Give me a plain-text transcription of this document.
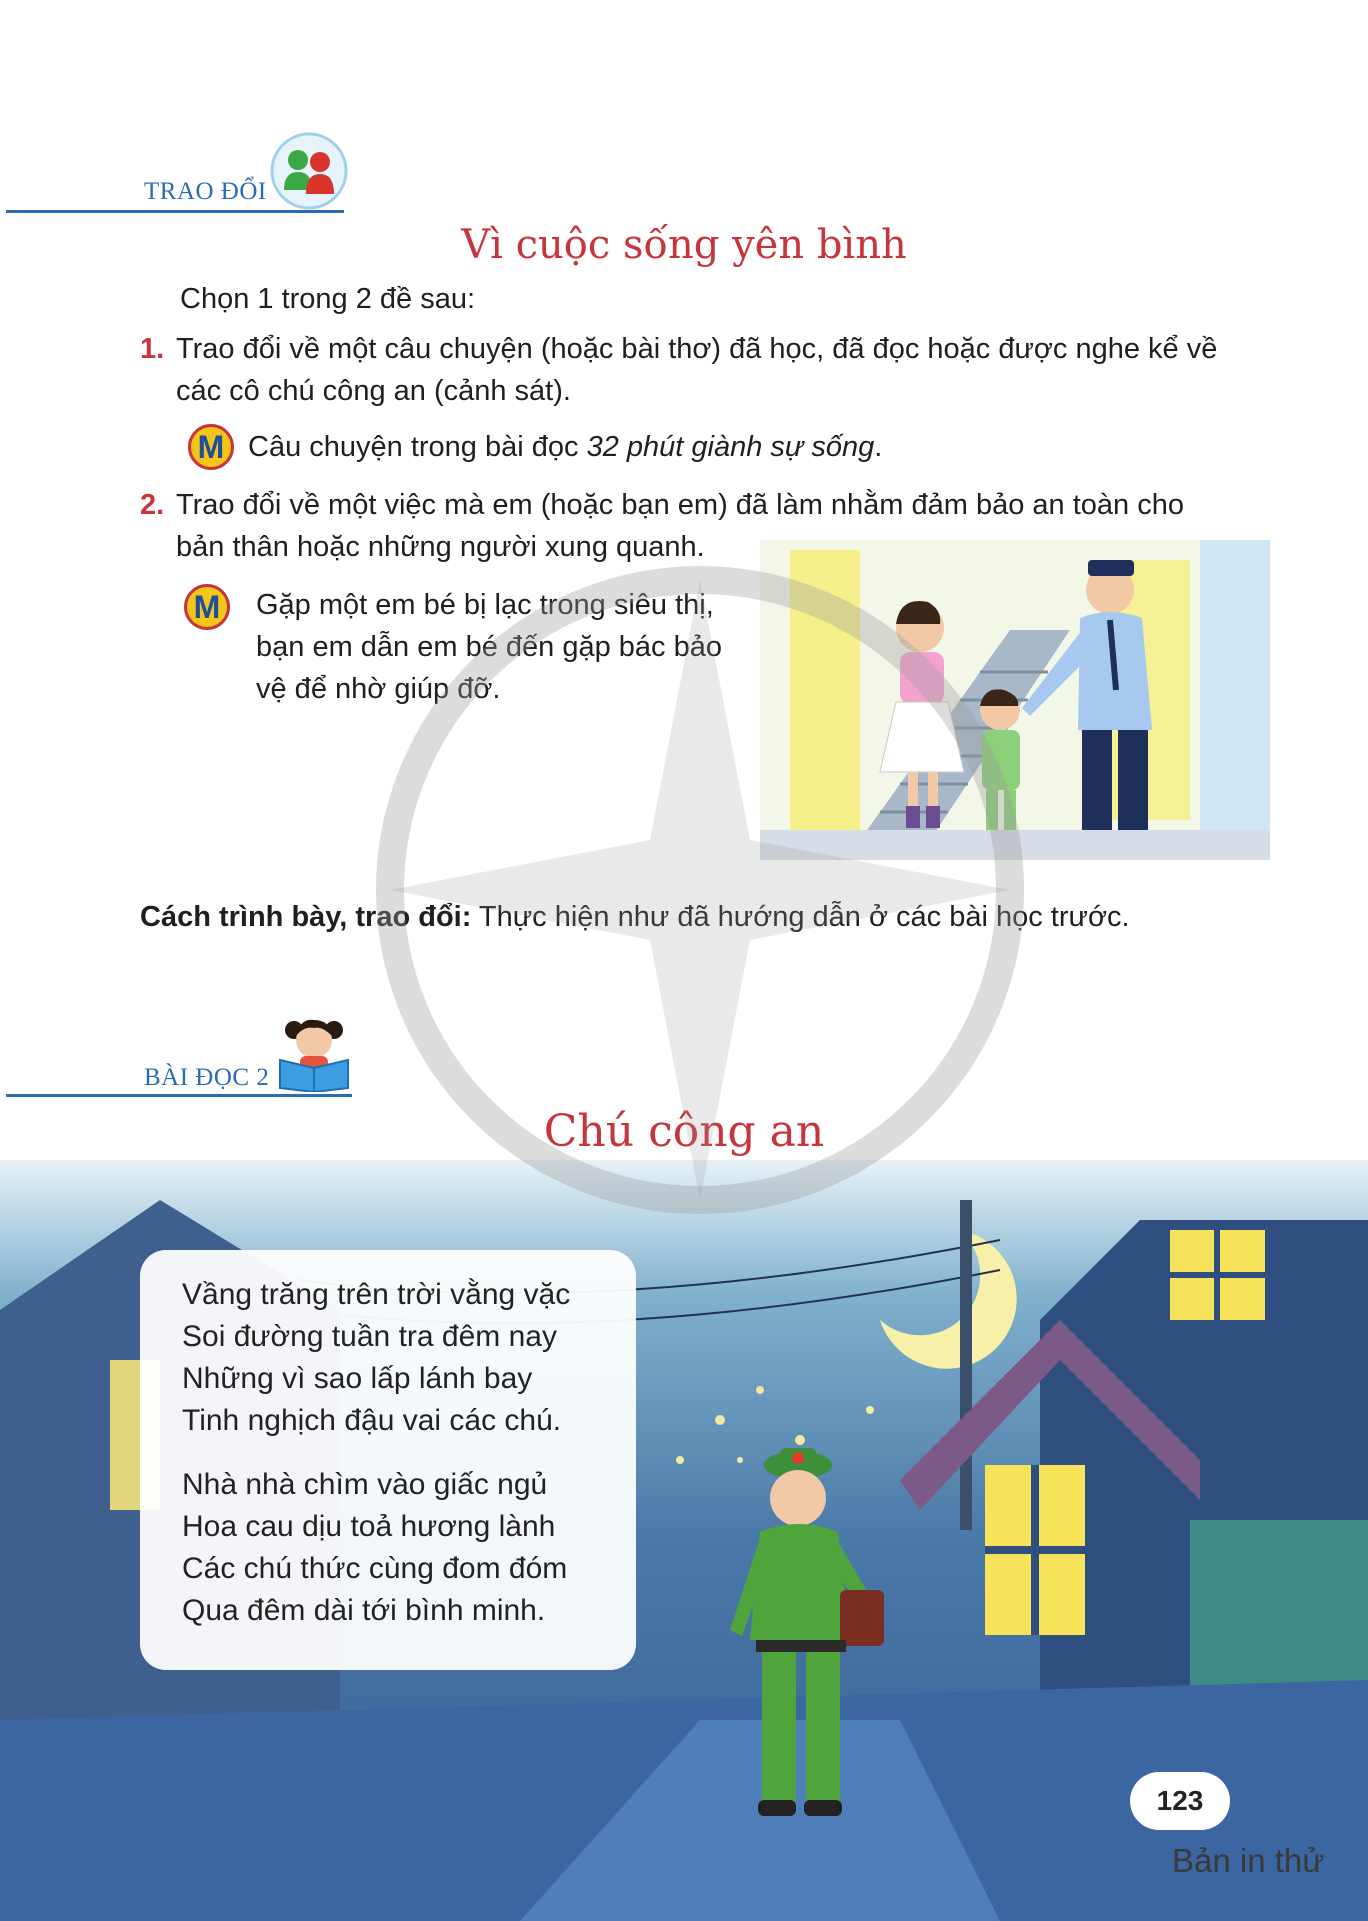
TRAO ĐỔI
Vì cuộc sống yên bình
Chọn 1 trong 2 đề sau:
1. Trao đổi về một câu chuyện (hoặc bài thơ) đã học, đã đọc hoặc được nghe kể về
các cô chú công an (cảnh sát).
M Câu chuyện trong bài đọc 32 phút giành sự sống.
2. Trao đổi về một việc mà em (hoặc bạn em) đã làm nhằm đảm bảo an toàn cho
bản thân hoặc những người xung quanh.
M	Gặp một em bé bị lạc trong siêu thị,
bạn em dẫn em bé đến gặp bác bảo
vệ để nhờ giúp đỡ.
Cách trình bày, trao đổi: Thực hiện như đã hướng dẫn ở các bài học trước.
BÀI ĐỌC 2
Chú công an
Vầng trăng trên trời vằng vặc
Soi đường tuần tra đêm nay
Những vì sao lấp lánh bay
Tinh nghịch đậu vai các chú.
Nhà nhà chìm vào giấc ngủ
Hoa cau dịu toả hương lành
Các chú thức cùng đom đóm
Qua đêm dài tới bình minh.
123
Bản in thử
